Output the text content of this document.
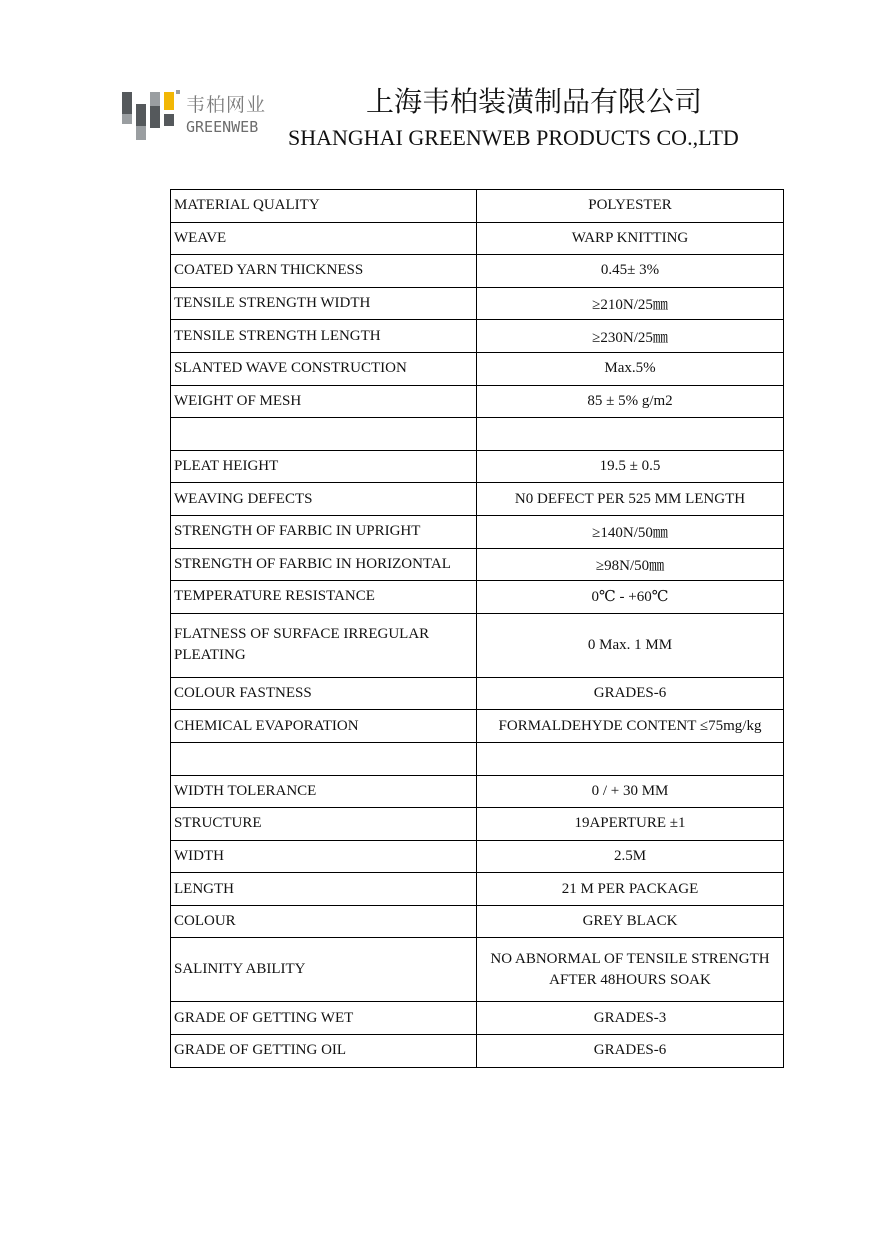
韦柏网业
GREENWEB
上海韦柏装潢制品有限公司
SHANGHAI GREENWEB PRODUCTS CO.,LTD
MATERIAL QUALITY	POLYESTER
WEAVE	WARP KNITTING
COATED YARN THICKNESS	0.45± 3%
TENSILE STRENGTH WIDTH	≥210N/25㎜
TENSILE STRENGTH LENGTH	≥230N/25㎜
SLANTED WAVE CONSTRUCTION	Max.5%
WEIGHT OF MESH	85 ± 5% g/m2

PLEAT HEIGHT	19.5 ± 0.5
WEAVING DEFECTS	N0 DEFECT PER 525 MM LENGTH
STRENGTH OF FARBIC IN UPRIGHT	≥140N/50㎜
STRENGTH OF FARBIC IN HORIZONTAL	≥98N/50㎜
TEMPERATURE RESISTANCE	0℃ - +60℃
FLATNESS OF SURFACE IRREGULAR PLEATING	0 Max. 1 MM
COLOUR FASTNESS	GRADES-6
CHEMICAL EVAPORATION	FORMALDEHYDE CONTENT ≤75mg/kg

WIDTH TOLERANCE	0 / + 30 MM
STRUCTURE	19APERTURE ±1
WIDTH	2.5M
LENGTH	21 M PER PACKAGE
COLOUR	GREY BLACK
SALINITY ABILITY	NO ABNORMAL OF TENSILE STRENGTH AFTER 48HOURS SOAK
GRADE OF GETTING WET	GRADES-3
GRADE OF GETTING OIL	GRADES-6
